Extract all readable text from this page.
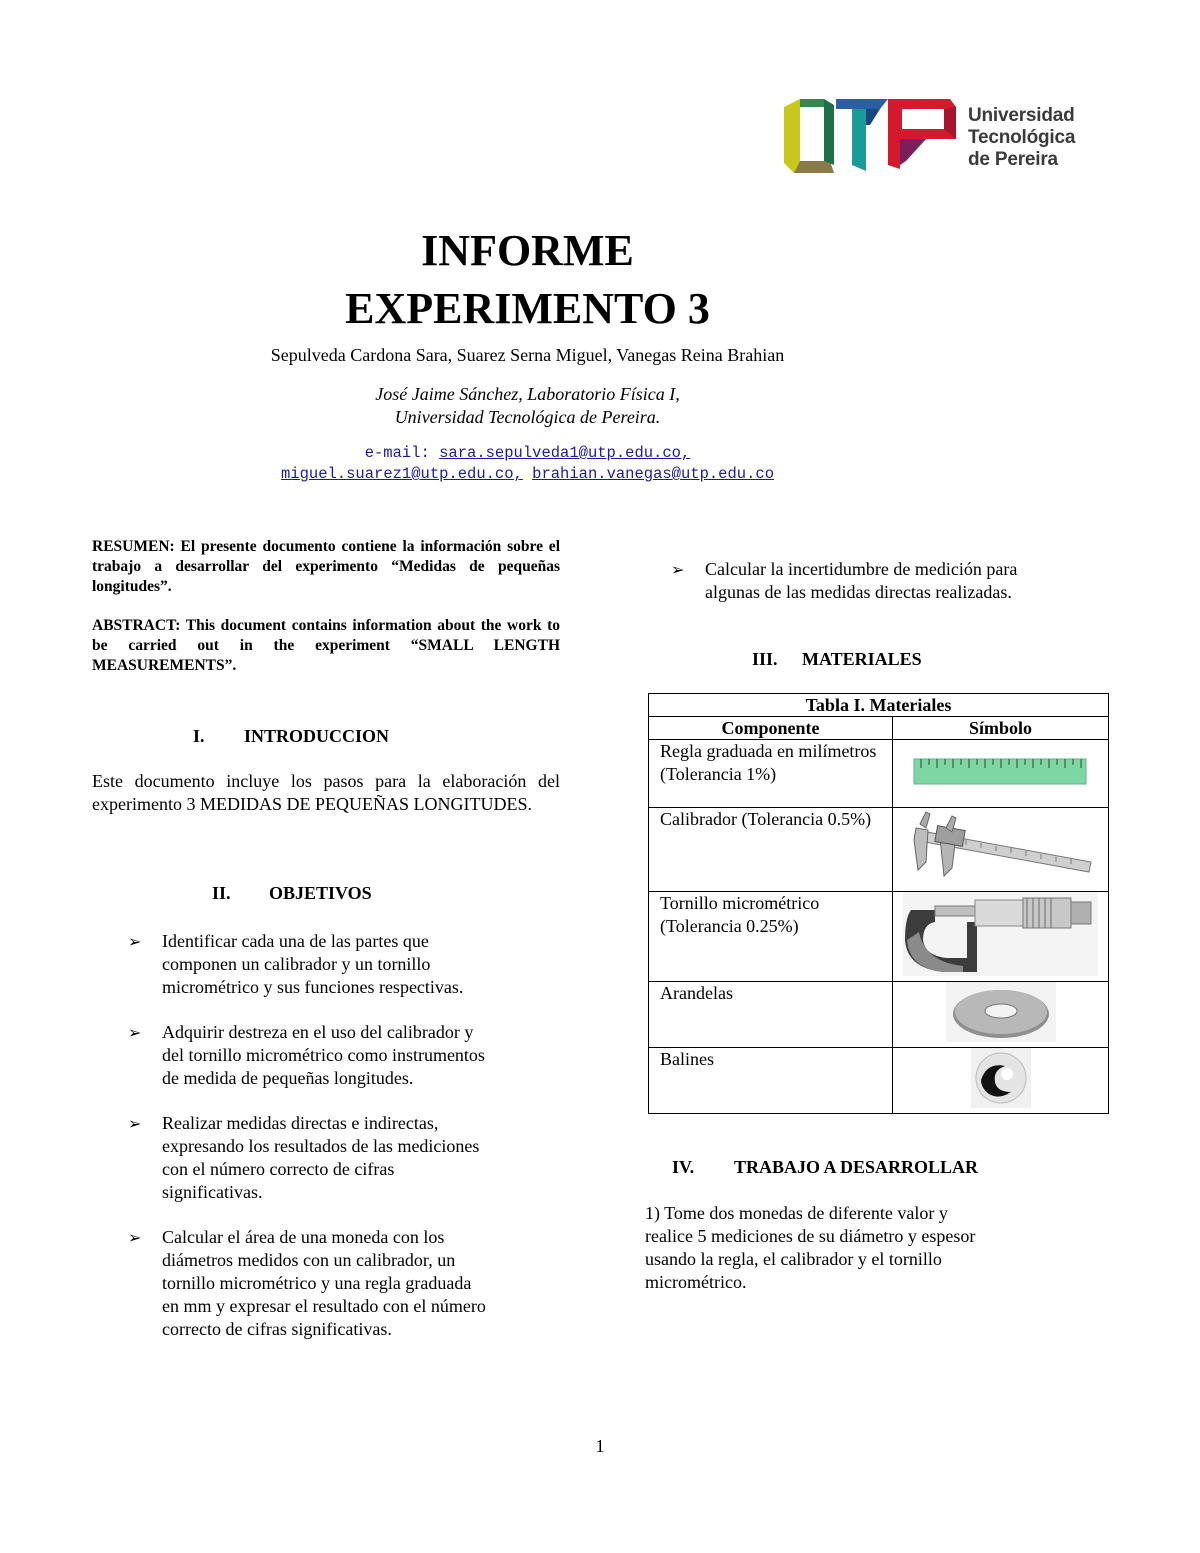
Universidad
Tecnológica
de Pereira
INFORME
EXPERIMENTO 3
Sepulveda Cardona Sara, Suarez Serna Miguel, Vanegas Reina Brahian
José Jaime Sánchez, Laboratorio Física I,
Universidad Tecnológica de Pereira.
e-mail: sara.sepulveda1@utp.edu.co,
miguel.suarez1@utp.edu.co, brahian.vanegas@utp.edu.co

RESUMEN: El presente documento contiene la información sobre el trabajo a desarrollar del experimento “Medidas de pequeñas longitudes”.

ABSTRACT: This document contains information about the work to be carried out in the experiment “SMALL LENGTH MEASUREMENTS”.

I. INTRODUCCION
Este documento incluye los pasos para la elaboración del experimento 3 MEDIDAS DE PEQUEÑAS LONGITUDES.
II. OBJETIVOS
➢ Identificar cada una de las partes que componen un calibrador y un tornillo micrométrico y sus funciones respectivas.
➢ Adquirir destreza en el uso del calibrador y del tornillo micrométrico como instrumentos de medida de pequeñas longitudes.
➢ Realizar medidas directas e indirectas, expresando los resultados de las mediciones con el número correcto de cifras significativas.
➢ Calcular el área de una moneda con los diámetros medidos con un calibrador, un tornillo micrométrico y una regla graduada en mm y expresar el resultado con el número correcto de cifras significativas.
➢ Calcular la incertidumbre de medición para algunas de las medidas directas realizadas.
III. MATERIALES
Tabla I. Materiales	
Componente	Símbolo
Regla graduada en milímetros (Tolerancia 1%)	
Calibrador (Tolerancia 0.5%)	
Tornillo micrométrico (Tolerancia 0.25%)	
Arandelas	
Balines	
IV. TRABAJO A DESARROLLAR
1) Tome dos monedas de diferente valor y realice 5 mediciones de su diámetro y espesor usando la regla, el calibrador y el tornillo micrométrico.
1
